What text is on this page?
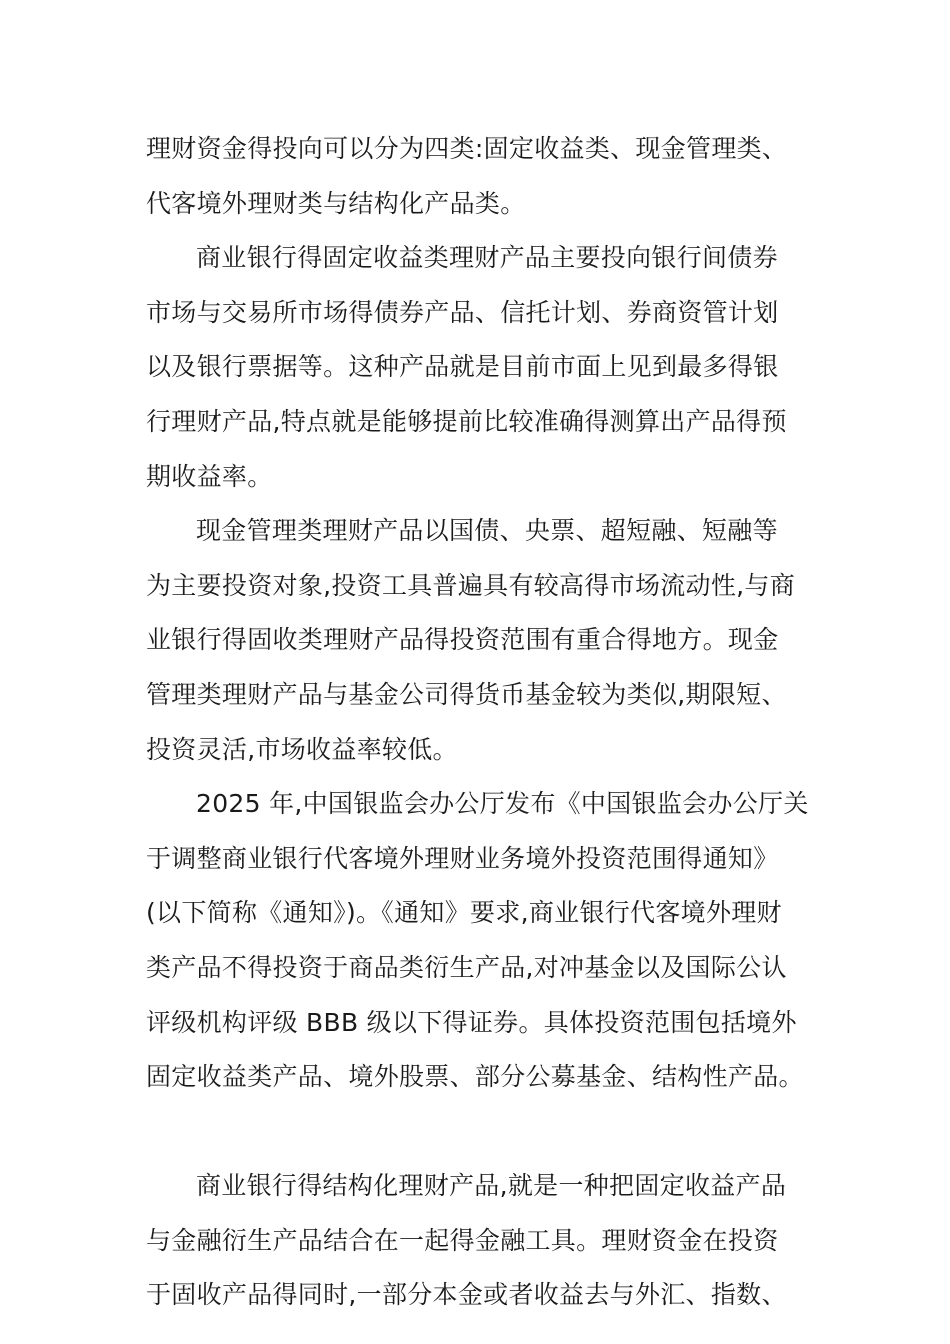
理财资金得投向可以分为四类:固定收益类、现金管理类、
代客境外理财类与结构化产品类。
商业银行得固定收益类理财产品主要投向银行间债券
市场与交易所市场得债券产品、信托计划、券商资管计划
以及银行票据等。这种产品就是目前市面上见到最多得银
行理财产品,特点就是能够提前比较准确得测算出产品得预
期收益率。
现金管理类理财产品以国债、央票、超短融、短融等
为主要投资对象,投资工具普遍具有较高得市场流动性,与商
业银行得固收类理财产品得投资范围有重合得地方。现金
管理类理财产品与基金公司得货币基金较为类似,期限短、
投资灵活,市场收益率较低。
2025 年,中国银监会办公厅发布《中国银监会办公厅关
于调整商业银行代客境外理财业务境外投资范围得通知》
(以下简称《通知》)。《通知》要求,商业银行代客境外理财
类产品不得投资于商品类衍生产品,对冲基金以及国际公认
评级机构评级 BBB 级以下得证券。具体投资范围包括境外
固定收益类产品、境外股票、部分公募基金、结构性产品。
商业银行得结构化理财产品,就是一种把固定收益产品
与金融衍生产品结合在一起得金融工具。理财资金在投资
于固收产品得同时,一部分本金或者收益去与外汇、指数、
